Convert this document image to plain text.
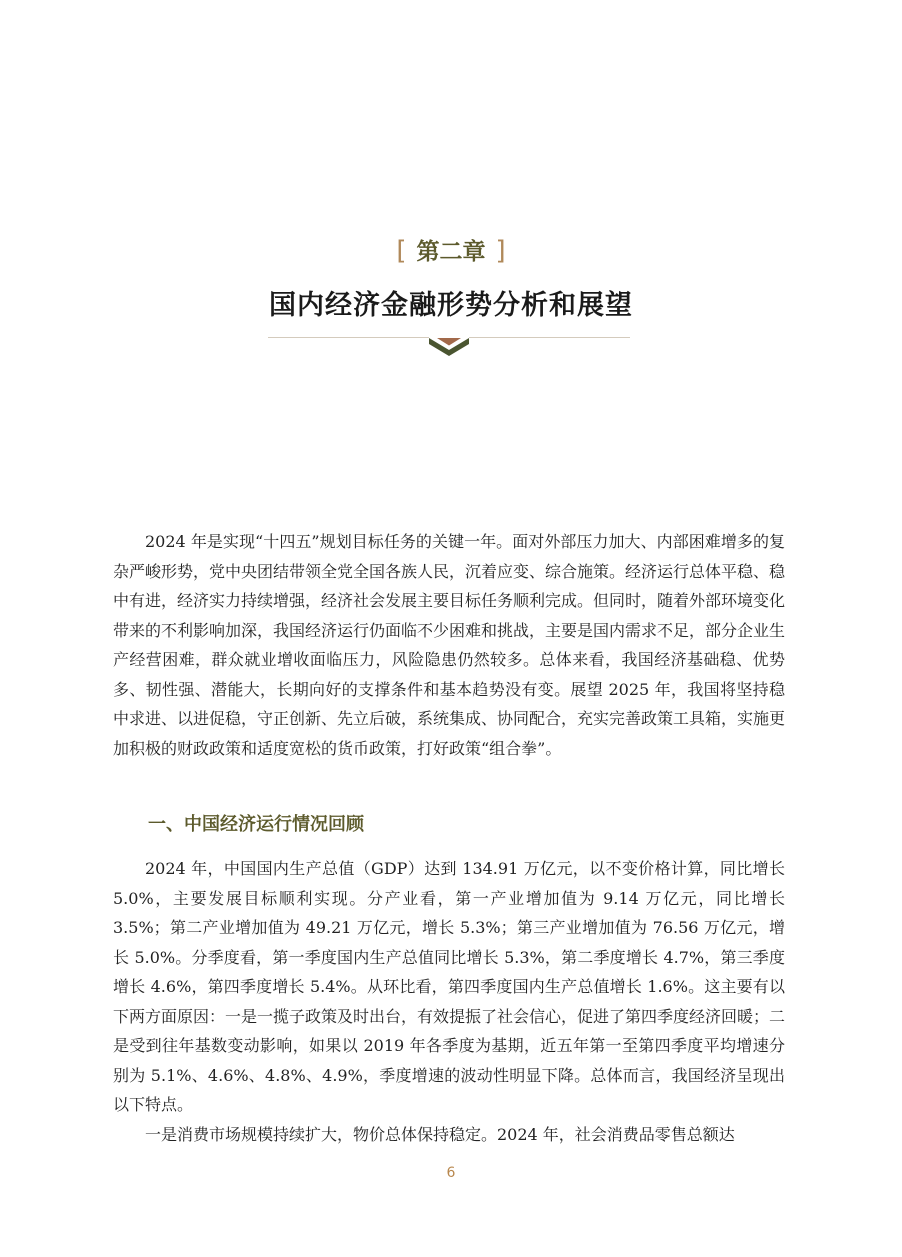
[ 第二章 ]
国内经济金融形势分析和展望

2024 年是实现“十四五”规划目标任务的关键一年。面对外部压力加大、内部困难增多的复杂严峻形势，党中央团结带领全党全国各族人民，沉着应变、综合施策。经济运行总体平稳、稳中有进，经济实力持续增强，经济社会发展主要目标任务顺利完成。但同时，随着外部环境变化带来的不利影响加深，我国经济运行仍面临不少困难和挑战，主要是国内需求不足，部分企业生产经营困难，群众就业增收面临压力，风险隐患仍然较多。总体来看，我国经济基础稳、优势多、韧性强、潜能大，长期向好的支撑条件和基本趋势没有变。展望 2025 年，我国将坚持稳中求进、以进促稳，守正创新、先立后破，系统集成、协同配合，充实完善政策工具箱，实施更加积极的财政政策和适度宽松的货币政策，打好政策“组合拳”。

一、中国经济运行情况回顾

2024 年，中国国内生产总值（GDP）达到 134.91 万亿元，以不变价格计算，同比增长 5.0%，主要发展目标顺利实现。分产业看，第一产业增加值为 9.14 万亿元，同比增长 3.5%；第二产业增加值为 49.21 万亿元，增长 5.3%；第三产业增加值为 76.56 万亿元，增长 5.0%。分季度看，第一季度国内生产总值同比增长 5.3%，第二季度增长 4.7%，第三季度增长 4.6%，第四季度增长 5.4%。从环比看，第四季度国内生产总值增长 1.6%。这主要有以下两方面原因：一是一揽子政策及时出台，有效提振了社会信心，促进了第四季度经济回暖；二是受到往年基数变动影响，如果以 2019 年各季度为基期，近五年第一至第四季度平均增速分别为 5.1%、4.6%、4.8%、4.9%，季度增速的波动性明显下降。总体而言，我国经济呈现出以下特点。

一是消费市场规模持续扩大，物价总体保持稳定。2024 年，社会消费品零售总额达

6
